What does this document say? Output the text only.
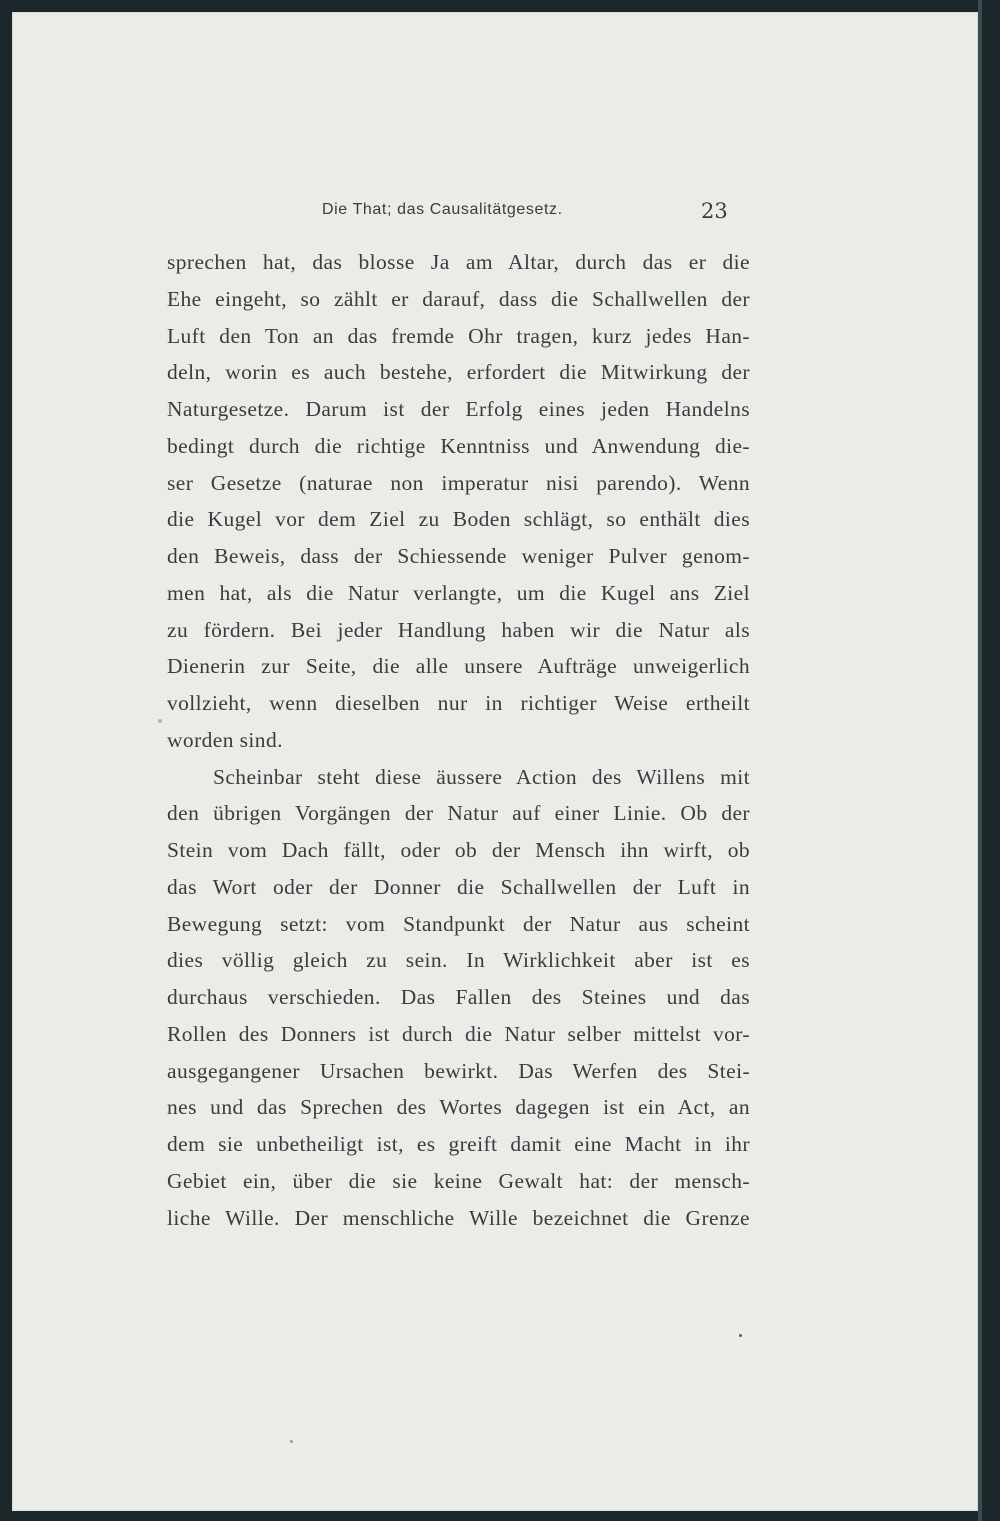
Die That; das Causalitätgesetz.	23
sprechen hat, das blosse Ja am Altar, durch das er die
Ehe eingeht, so zählt er darauf, dass die Schallwellen der
Luft den Ton an das fremde Ohr tragen, kurz jedes Han-
deln, worin es auch bestehe, erfordert die Mitwirkung der
Naturgesetze. Darum ist der Erfolg eines jeden Handelns
bedingt durch die richtige Kenntniss und Anwendung die-
ser Gesetze (naturae non imperatur nisi parendo). Wenn
die Kugel vor dem Ziel zu Boden schlägt, so enthält dies
den Beweis, dass der Schiessende weniger Pulver genom-
men hat, als die Natur verlangte, um die Kugel ans Ziel
zu fördern. Bei jeder Handlung haben wir die Natur als
Dienerin zur Seite, die alle unsere Aufträge unweigerlich
vollzieht, wenn dieselben nur in richtiger Weise ertheilt
worden sind.
Scheinbar steht diese äussere Action des Willens mit
den übrigen Vorgängen der Natur auf einer Linie. Ob der
Stein vom Dach fällt, oder ob der Mensch ihn wirft, ob
das Wort oder der Donner die Schallwellen der Luft in
Bewegung setzt: vom Standpunkt der Natur aus scheint
dies völlig gleich zu sein. In Wirklichkeit aber ist es
durchaus verschieden. Das Fallen des Steines und das
Rollen des Donners ist durch die Natur selber mittelst vor-
ausgegangener Ursachen bewirkt. Das Werfen des Stei-
nes und das Sprechen des Wortes dagegen ist ein Act, an
dem sie unbetheiligt ist, es greift damit eine Macht in ihr
Gebiet ein, über die sie keine Gewalt hat: der mensch-
liche Wille. Der menschliche Wille bezeichnet die Grenze
